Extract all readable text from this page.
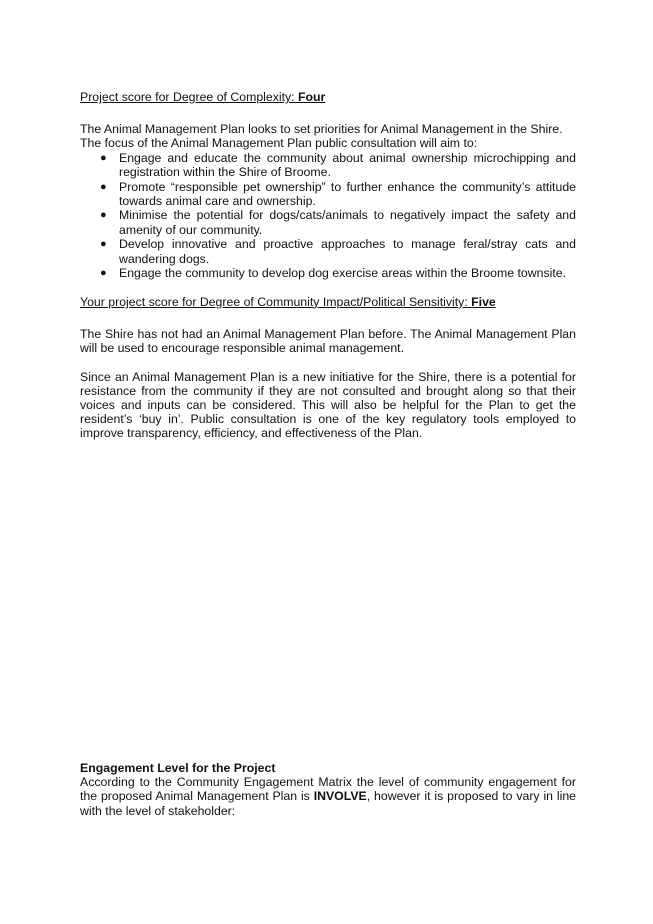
Project score for Degree of Complexity: Four

The Animal Management Plan looks to set priorities for Animal Management in the Shire.
The focus of the Animal Management Plan public consultation will aim to:

● Engage and educate the community about animal ownership microchipping and registration within the Shire of Broome.
● Promote “responsible pet ownership” to further enhance the community’s attitude towards animal care and ownership.
● Minimise the potential for dogs/cats/animals to negatively impact the safety and amenity of our community.
● Develop innovative and proactive approaches to manage feral/stray cats and wandering dogs.
● Engage the community to develop dog exercise areas within the Broome townsite.

Your project score for Degree of Community Impact/Political Sensitivity: Five

The Shire has not had an Animal Management Plan before. The Animal Management Plan will be used to encourage responsible animal management.

Since an Animal Management Plan is a new initiative for the Shire, there is a potential for resistance from the community if they are not consulted and brought along so that their voices and inputs can be considered. This will also be helpful for the Plan to get the resident’s ‘buy in’. Public consultation is one of the key regulatory tools employed to improve transparency, efficiency, and effectiveness of the Plan.

Engagement Level for the Project

According to the Community Engagement Matrix the level of community engagement for the proposed Animal Management Plan is INVOLVE, however it is proposed to vary in line with the level of stakeholder:
